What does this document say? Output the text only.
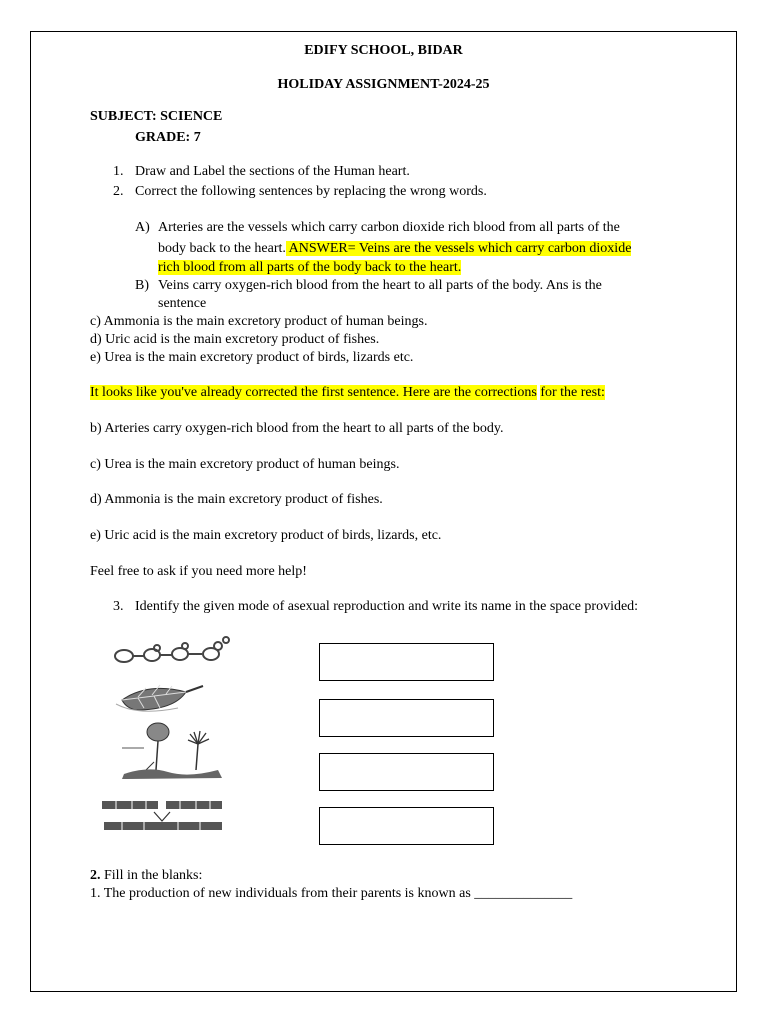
EDIFY SCHOOL, BIDAR
HOLIDAY ASSIGNMENT-2024-25
SUBJECT: SCIENCE
GRADE: 7
1. Draw and Label the sections of the Human heart.
2. Correct the following sentences by replacing the wrong words.
A) Arteries are the vessels which carry carbon dioxide rich blood from all parts of the
body back to the heart. ANSWER= Veins are the vessels which carry carbon dioxide
rich blood from all parts of the body back to the heart.
B) Veins carry oxygen-rich blood from the heart to all parts of the body. Ans is the
sentence
c) Ammonia is the main excretory product of human beings.
d) Uric acid is the main excretory product of fishes.
e) Urea is the main excretory product of birds, lizards etc.
It looks like you've already corrected the first sentence. Here are the corrections for the rest:
b) Arteries carry oxygen-rich blood from the heart to all parts of the body.
c) Urea is the main excretory product of human beings.
d) Ammonia is the main excretory product of fishes.
e) Uric acid is the main excretory product of birds, lizards, etc.
Feel free to ask if you need more help!
3. Identify the given mode of asexual reproduction and write its name in the space provided:
2. Fill in the blanks:
1. The production of new individuals from their parents is known as ______________
